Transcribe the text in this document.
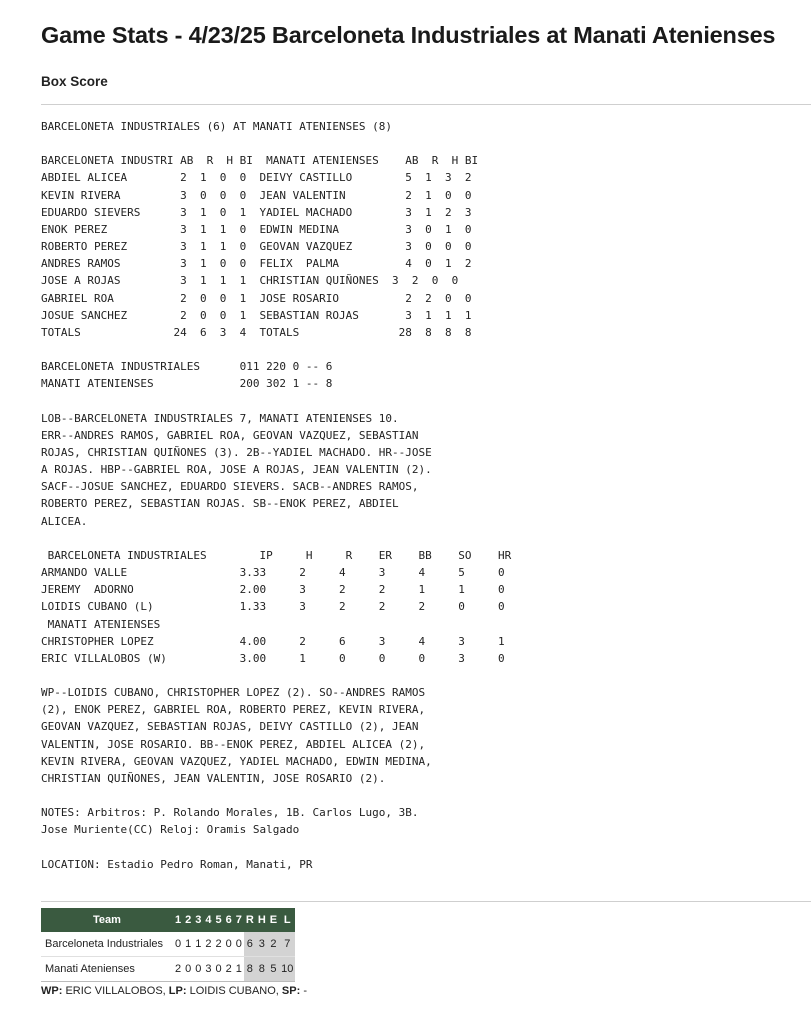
Game Stats - 4/23/25 Barceloneta Industriales at Manati Atenienses
Box Score
BARCELONETA INDUSTRIALES (6) AT MANATI ATENIENSES (8)

BARCELONETA INDUSTRI AB  R  H BI  MANATI ATENIENSES    AB  R  H BI
ABDIEL ALICEA        2  1  0  0  DEIVY CASTILLO        5  1  3  2
KEVIN RIVERA         3  0  0  0  JEAN VALENTIN         2  1  0  0
EDUARDO SIEVERS      3  1  0  1  YADIEL MACHADO        3  1  2  3
ENOK PEREZ           3  1  1  0  EDWIN MEDINA          3  0  1  0
ROBERTO PEREZ        3  1  1  0  GEOVAN VAZQUEZ        3  0  0  0
ANDRES RAMOS         3  1  0  0  FELIX  PALMA          4  0  1  2
JOSE A ROJAS         3  1  1  1  CHRISTIAN QUIÑONES  3  2  0  0
GABRIEL ROA          2  0  0  1  JOSE ROSARIO          2  2  0  0
JOSUE SANCHEZ        2  0  0  1  SEBASTIAN ROJAS       3  1  1  1
TOTALS              24  6  3  4  TOTALS               28  8  8  8

BARCELONETA INDUSTRIALES      011 220 0 -- 6
MANATI ATENIENSES             200 302 1 -- 8

LOB--BARCELONETA INDUSTRIALES 7, MANATI ATENIENSES 10.
ERR--ANDRES RAMOS, GABRIEL ROA, GEOVAN VAZQUEZ, SEBASTIAN
ROJAS, CHRISTIAN QUIÑONES (3). 2B--YADIEL MACHADO. HR--JOSE
A ROJAS. HBP--GABRIEL ROA, JOSE A ROJAS, JEAN VALENTIN (2).
SACF--JOSUE SANCHEZ, EDUARDO SIEVERS. SACB--ANDRES RAMOS,
ROBERTO PEREZ, SEBASTIAN ROJAS. SB--ENOK PEREZ, ABDIEL
ALICEA.

BARCELONETA INDUSTRIALES        IP     H     R    ER    BB    SO    HR
ARMANDO VALLE                 3.33     2     4     3     4     5     0
JEREMY  ADORNO                2.00     3     2     2     1     1     0
LOIDIS CUBANO (L)             1.33     3     2     2     2     0     0
MANATI ATENIENSES
CHRISTOPHER LOPEZ             4.00     2     6     3     4     3     1
ERIC VILLALOBOS (W)           3.00     1     0     0     0     3     0

WP--LOIDIS CUBANO, CHRISTOPHER LOPEZ (2). SO--ANDRES RAMOS
(2), ENOK PEREZ, GABRIEL ROA, ROBERTO PEREZ, KEVIN RIVERA,
GEOVAN VAZQUEZ, SEBASTIAN ROJAS, DEIVY CASTILLO (2), JEAN
VALENTIN, JOSE ROSARIO. BB--ENOK PEREZ, ABDIEL ALICEA (2),
KEVIN RIVERA, GEOVAN VAZQUEZ, YADIEL MACHADO, EDWIN MEDINA,
CHRISTIAN QUIÑONES, JEAN VALENTIN, JOSE ROSARIO (2).

NOTES: Arbitros: P. Rolando Morales, 1B. Carlos Lugo, 3B.
Jose Muriente(CC) Reloj: Oramis Salgado

LOCATION: Estadio Pedro Roman, Manati, PR
Team	1	2	3	4	5	6	7	R	H	E	L
Barceloneta Industriales	0	1	1	2	2	0	0	6	3	2	7
Manati Atenienses	2	0	0	3	0	2	1	8	8	5	10
WP: ERIC VILLALOBOS, LP: LOIDIS CUBANO, SP: -
